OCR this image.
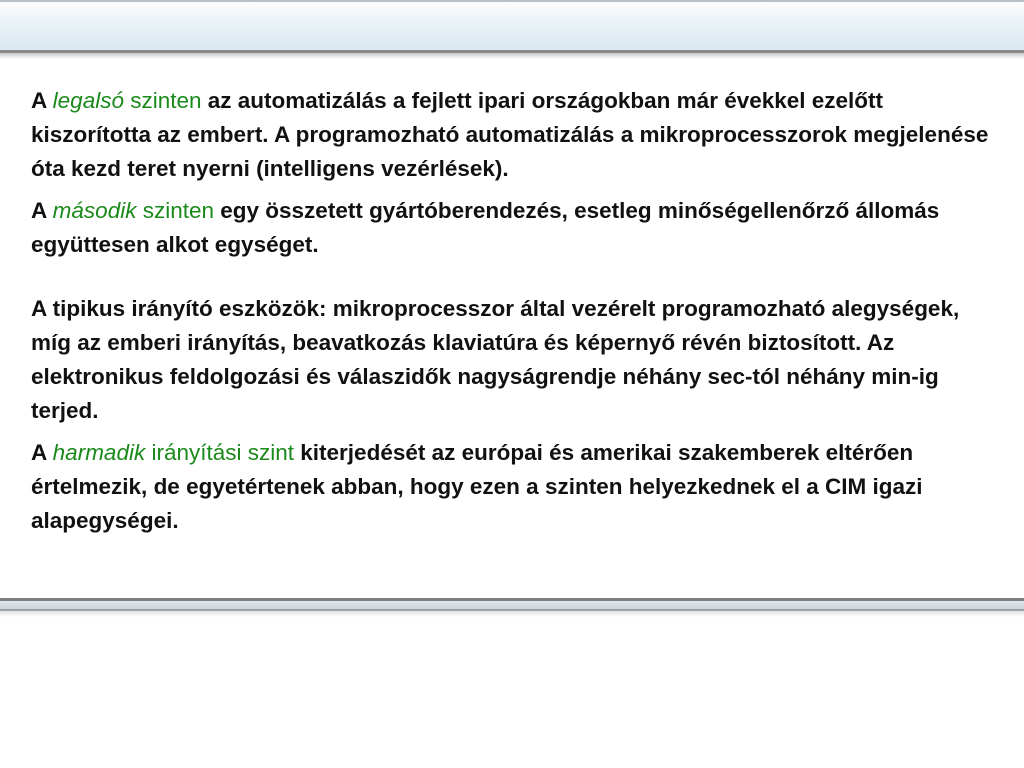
A legalsó szinten az automatizálás a fejlett ipari országokban már évekkel ezelőtt kiszorította az embert. A programozható automatizálás a mikroprocesszorok megjelenése óta kezd teret nyerni (intelligens vezérlések).

A második szinten egy összetett gyártóberendezés, esetleg minőségellenőrző állomás együttesen alkot egységet.

A tipikus irányító eszközök: mikroprocesszor által vezérelt programozható alegységek, míg az emberi irányítás, beavatkozás klaviatúra és képernyő révén biztosított. Az elektronikus feldolgozási és válaszidők nagyságrendje néhány sec-tól néhány min-ig terjed.

A harmadik irányítási szint kiterjedését az európai és amerikai szakemberek eltérően értelmezik, de egyetértenek abban, hogy ezen a szinten helyezkednek el a CIM igazi alapegységei.
